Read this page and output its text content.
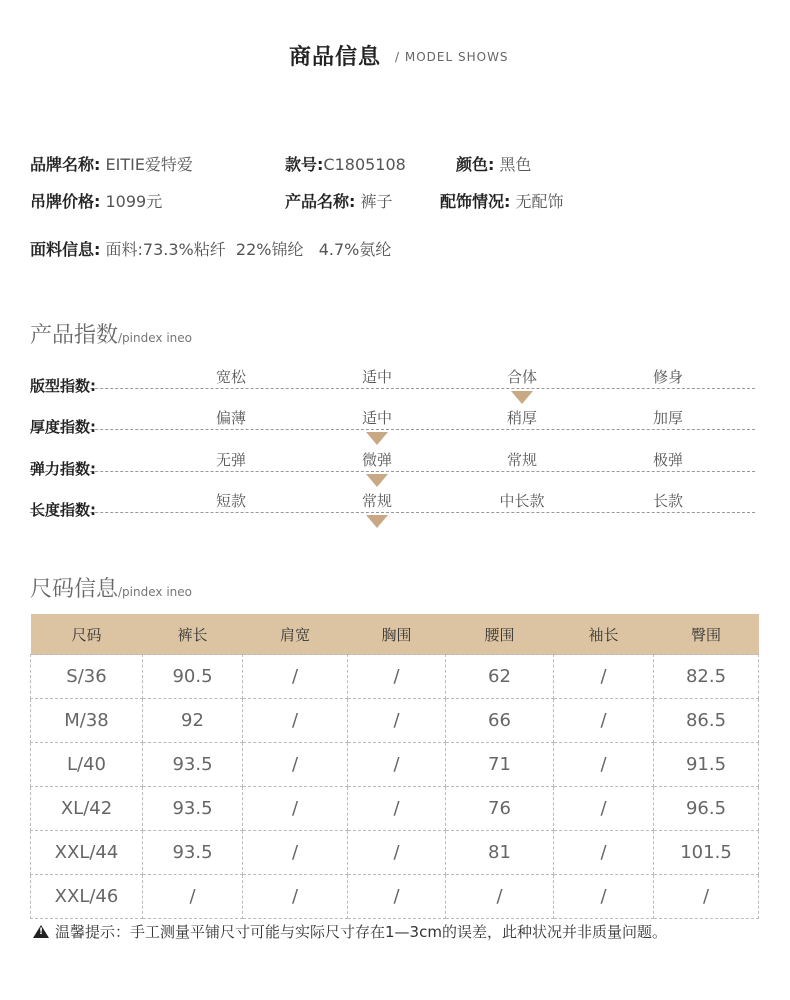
商品信息 / MODEL SHOWS
品牌名称: EITIE爱特爱	款号:C1805108	颜色: 黑色
吊牌价格: 1099元	产品名称: 裤子	配饰情况: 无配饰
面料信息: 面料:73.3%粘纤  22%锦纶   4.7%氨纶
产品指数/pindex ineo
版型指数:	宽松	适中	合体	修身
厚度指数:	偏薄	适中	稍厚	加厚
弹力指数:	无弹	微弹	常规	极弹
长度指数:	短款	常规	中长款	长款
尺码信息/pindex ineo
尺码	裤长	肩宽	胸围	腰围	袖长	臀围
S/36	90.5	/	/	62	/	82.5
M/38	92	/	/	66	/	86.5
L/40	93.5	/	/	71	/	91.5
XL/42	93.5	/	/	76	/	96.5
XXL/44	93.5	/	/	81	/	101.5
XXL/46	/	/	/	/	/	/
!温馨提示：手工测量平铺尺寸可能与实际尺寸存在1—3cm的误差，此种状况并非质量问题。
